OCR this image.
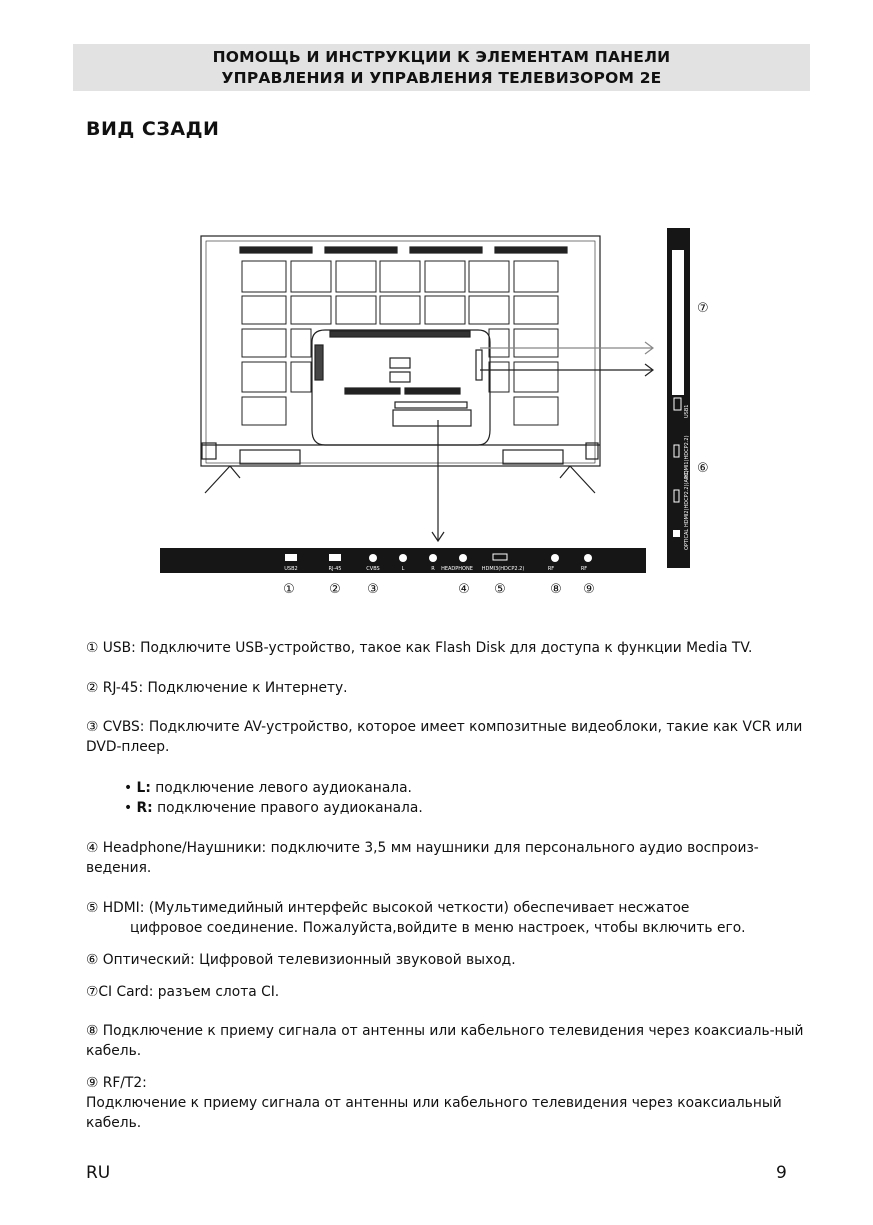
ПОМОЩЬ И ИНСТРУКЦИИ К ЭЛЕМЕНТАМ ПАНЕЛИ
УПРАВЛЕНИЯ И УПРАВЛЕНИЯ ТЕЛЕВИЗОРОМ 2E
ВИД СЗАДИ
USB2	RJ-45	CVBS	L	R HEADPHONE HDMI3(HDCP2.2)	RF	RF
①	② ③	④ ⑤	⑧ ⑨
USB1
HDMI1(HDCP2.2)
HDMI2(HDCP2.2)(ARC)
OPTICAL
⑦
⑥
① USB: Подключите USB-устройство, такое как Flash Disk для доступа к функции Media TV.
② RJ-45: Подключение к Интернету.
③ CVBS: Подключите AV-устройство, которое имеет композитные видеоблоки, такие как VCR или DVD-плеер.
• L: подключение левого аудиоканала.
• R: подключение правого аудиоканала.
④ Headphone/Наушники: подключите 3,5 мм наушники для персонального аудио воспроиз-ведения.
⑤ HDMI: (Мультимедийный интерфейс высокой четкости) обеспечивает несжатое
цифровое соединение. Пожалуйста,войдите в меню настроек, чтобы включить его.
⑥ Оптический: Цифровой телевизионный звуковой выход.
⑦CI Card: разъем слота CI.
⑧ Подключение к приему сигнала от антенны или кабельного телевидения через коаксиаль-ный кабель.
⑨ RF/T2:
Подключение к приему сигнала от антенны или кабельного телевидения через коаксиальный кабель.
RU	9
